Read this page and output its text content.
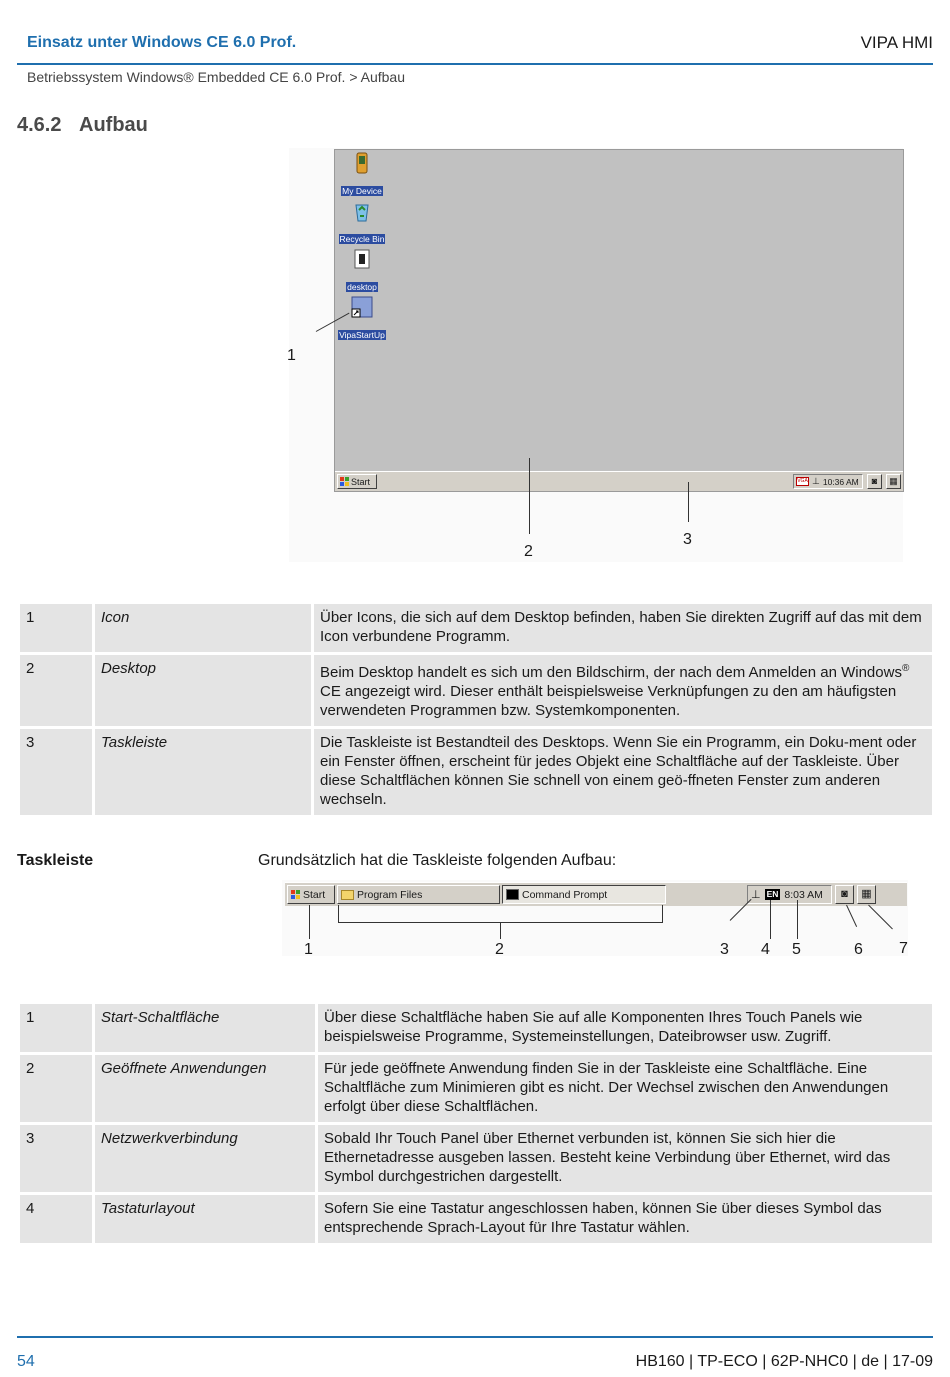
Einsatz unter Windows CE 6.0 Prof.	VIPA HMI
Betriebssystem Windows® Embedded CE 6.0 Prof. > Aufbau
4.6.2 Aufbau
My Device
Recycle Bin
desktop
VipaStartUp
Start	VGA ⊥ 10:36 AM	◙	▦
1
2
3
1	Icon	Über Icons, die sich auf dem Desktop befinden, haben Sie direkten Zugriff auf das mit dem Icon verbundene Programm.
2	Desktop	Beim Desktop handelt es sich um den Bildschirm, der nach dem Anmelden an Windows® CE angezeigt wird. Dieser enthält beispielsweise Verknüpfungen zu den am häufigsten verwendeten Programmen bzw. Systemkomponenten.
3	Taskleiste	Die Taskleiste ist Bestandteil des Desktops. Wenn Sie ein Programm, ein Doku-ment oder ein Fenster öffnen, erscheint für jedes Objekt eine Schaltfläche auf der Taskleiste. Über diese Schaltflächen können Sie schnell von einem geö-ffneten Fenster zum anderen wechseln.
Taskleiste	Grundsätzlich hat die Taskleiste folgenden Aufbau:
Start	Program Files	Command Prompt	⊥ EN 8:03 AM	◙	▦
1	2	3 4 5	6 7
1	Start-Schaltfläche	Über diese Schaltfläche haben Sie auf alle Komponenten Ihres Touch Panels wie beispielsweise Programme, Systemeinstellungen, Dateibrowser usw. Zugriff.
2	Geöffnete Anwendungen	Für jede geöffnete Anwendung finden Sie in der Taskleiste eine Schaltfläche. Eine Schaltfläche zum Minimieren gibt es nicht. Der Wechsel zwischen den Anwendungen erfolgt über diese Schaltflächen.
3	Netzwerkverbindung	Sobald Ihr Touch Panel über Ethernet verbunden ist, können Sie sich hier die Ethernetadresse ausgeben lassen. Besteht keine Verbindung über Ethernet, wird das Symbol durchgestrichen dargestellt.
4	Tastaturlayout	Sofern Sie eine Tastatur angeschlossen haben, können Sie über dieses Symbol das entsprechende Sprach-Layout für Ihre Tastatur wählen.
54	HB160 | TP-ECO | 62P-NHC0 | de | 17-09
